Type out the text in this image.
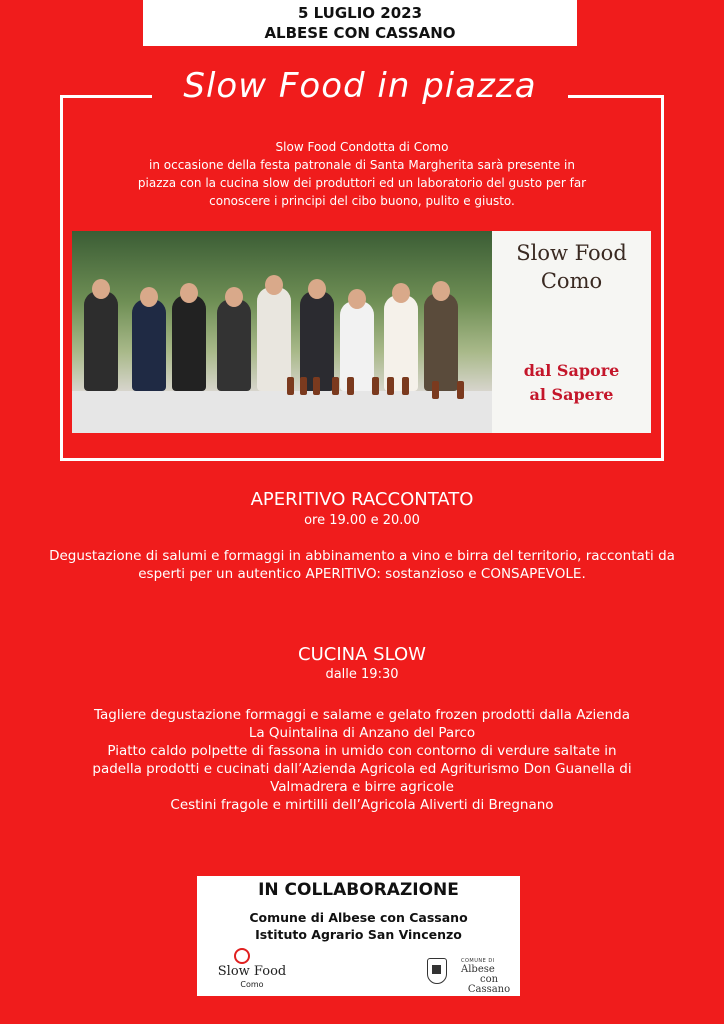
5 LUGLIO 2023
ALBESE CON CASSANO
Slow Food in piazza
Slow Food Condotta di Como
in occasione della festa patronale di Santa Margherita sarà presente in
piazza con la cucina slow dei produttori ed un laboratorio del gusto per far
conoscere i principi del cibo buono, pulito e giusto.
Slow Food
Como
dal Sapore
al Sapere
APERITIVO RACCONTATO
ore 19.00 e 20.00
Degustazione di salumi e formaggi in abbinamento a vino e birra del territorio, raccontati da
esperti per un autentico APERITIVO: sostanzioso e CONSAPEVOLE.
CUCINA SLOW
dalle 19:30
Tagliere degustazione formaggi e salame e gelato frozen prodotti dalla Azienda
La Quintalina di Anzano del Parco
Piatto caldo polpette di fassona in umido con contorno di verdure saltate in
padella prodotti e cucinati dall’Azienda Agricola ed Agriturismo Don Guanella di
Valmadrera e birre agricole
Cestini fragole e mirtilli dell’Agricola Aliverti di Bregnano
IN COLLABORAZIONE
Comune di Albese con Cassano
Istituto Agrario San Vincenzo
Slow Food
Como
COMUNE DI
Albese
con Cassano
